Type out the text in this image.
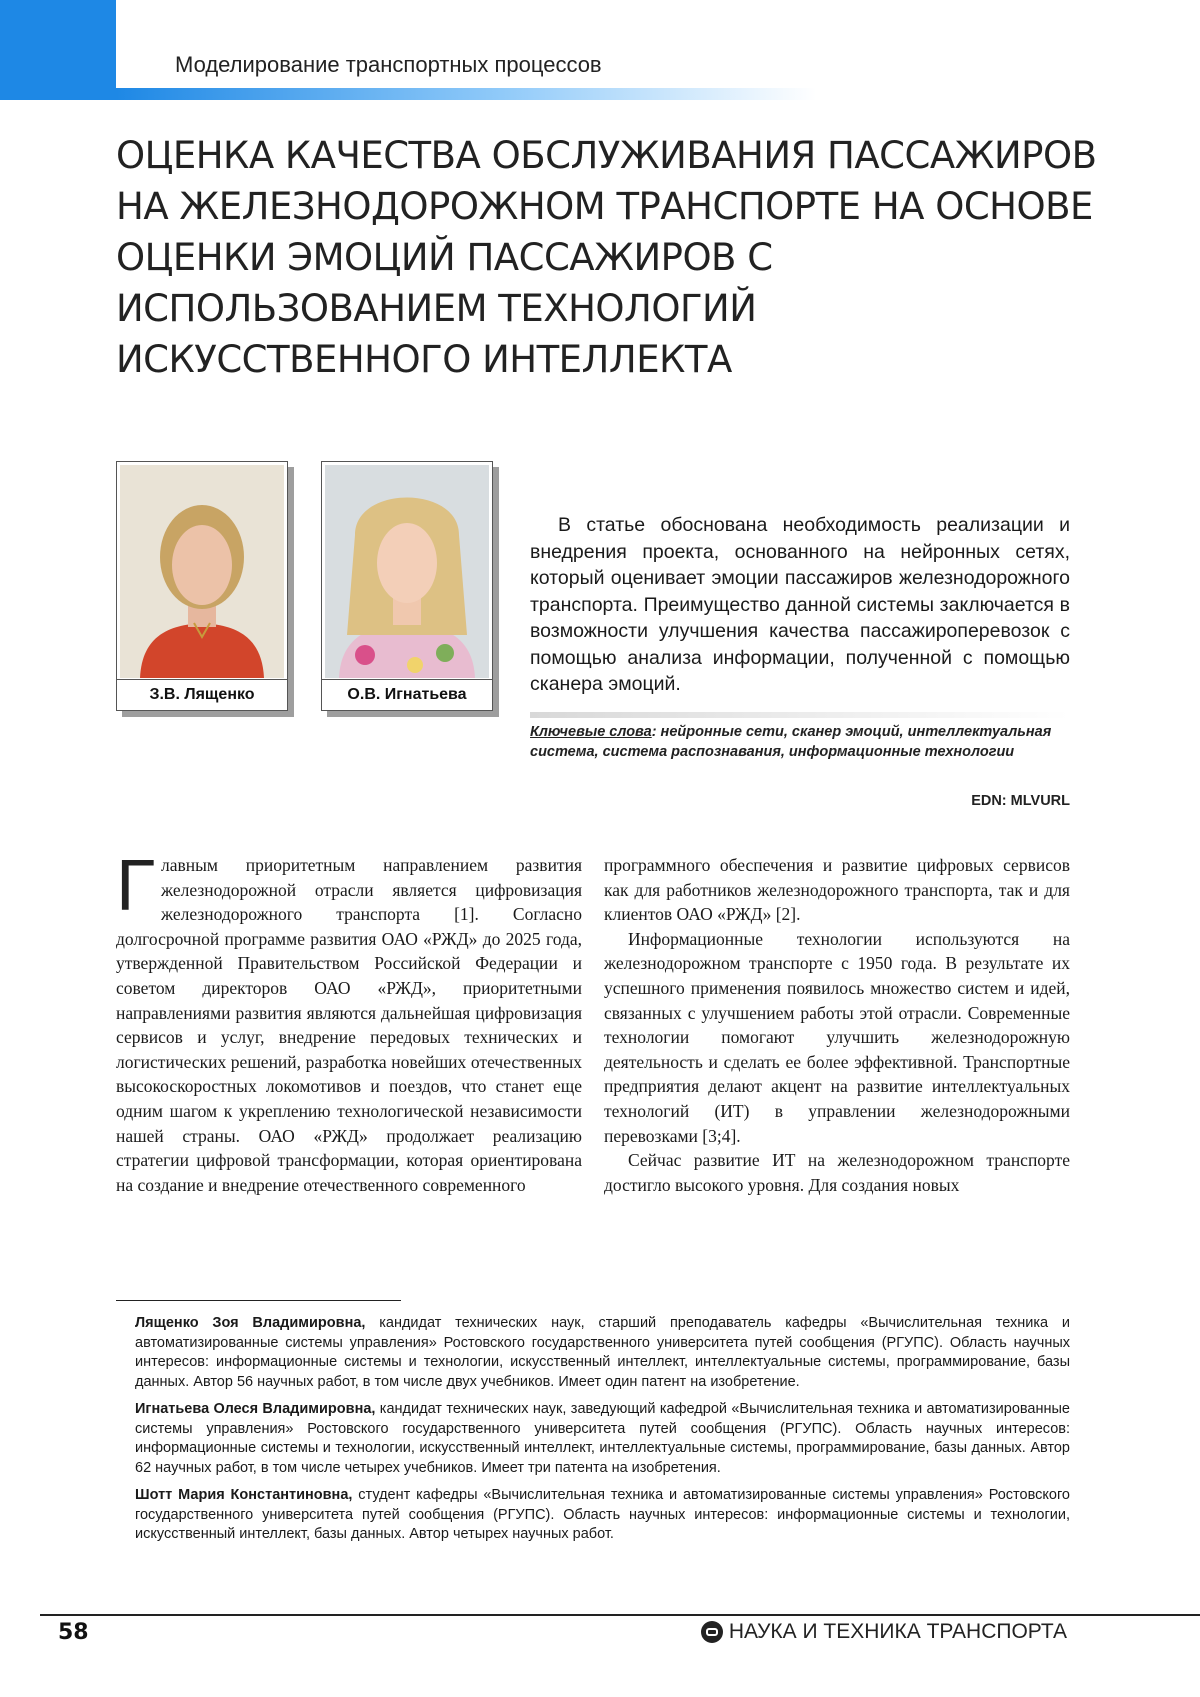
Моделирование транспортных процессов
ОЦЕНКА КАЧЕСТВА ОБСЛУЖИВАНИЯ ПАССАЖИРОВ НА ЖЕЛЕЗНОДОРОЖНОМ ТРАНСПОРТЕ НА ОСНОВЕ ОЦЕНКИ ЭМОЦИЙ ПАССАЖИРОВ С ИСПОЛЬЗОВАНИЕМ ТЕХНОЛОГИЙ ИСКУССТВЕННОГО ИНТЕЛЛЕКТА
З.В. Лященко	О.В. Игнатьева

В статье обоснована необходимость реализации и внедрения проекта, основанного на нейронных сетях, который оценивает эмоции пассажиров железнодорожного транспорта. Преимущество данной системы заключается в возможности улучшения качества пассажироперевозок с помощью анализа информации, полученной с помощью сканера эмоций.

Ключевые слова: нейронные сети, сканер эмоций, интеллектуальная система, система распознавания, информационные технологии

EDN: MLVURL

Главным приоритетным направлением развития железнодорожной отрасли является цифровизация железнодорожного транспорта [1]. Согласно долгосрочной программе развития ОАО «РЖД» до 2025 года, утвержденной Правительством Российской Федерации и советом директоров ОАО «РЖД», приоритетными направлениями развития являются дальнейшая цифровизация сервисов и услуг, внедрение передовых технических и логистических решений, разработка новейших отечественных высокоскоростных локомотивов и поездов, что станет еще одним шагом к укреплению технологической независимости нашей страны. ОАО «РЖД» продолжает реализацию стратегии цифровой трансформации, которая ориентирована на создание и внедрение отечественного современного

программного обеспечения и развитие цифровых сервисов как для работников железнодорожного транспорта, так и для клиентов ОАО «РЖД» [2].

Информационные технологии используются на железнодорожном транспорте с 1950 года. В результате их успешного применения появилось множество систем и идей, связанных с улучшением работы этой отрасли. Современные технологии помогают улучшить железнодорожную деятельность и сделать ее более эффективной. Транспортные предприятия делают акцент на развитие интеллектуальных технологий (ИТ) в управлении железнодорожными перевозками [3;4].

Сейчас развитие ИТ на железнодорожном транспорте достигло высокого уровня. Для создания новых

Лященко Зоя Владимировна, кандидат технических наук, старший преподаватель кафедры «Вычислительная техника и автоматизированные системы управления» Ростовского государственного университета путей сообщения (РГУПС). Область научных интересов: информационные системы и технологии, искусственный интеллект, интеллектуальные системы, программирование, базы данных. Автор 56 научных работ, в том числе двух учебников. Имеет один патент на изобретение.

Игнатьева Олеся Владимировна, кандидат технических наук, заведующий кафедрой «Вычислительная техника и автоматизированные системы управления» Ростовского государственного университета путей сообщения (РГУПС). Область научных интересов: информационные системы и технологии, искусственный интеллект, интеллектуальные системы, программирование, базы данных. Автор 62 научных работ, в том числе четырех учебников. Имеет три патента на изобретения.

Шотт Мария Константиновна, студент кафедры «Вычислительная техника и автоматизированные системы управления» Ростовского государственного университета путей сообщения (РГУПС). Область научных интересов: информационные системы и технологии, искусственный интеллект, базы данных. Автор четырех научных работ.

58	НАУКА И ТЕХНИКА ТРАНСПОРТА
